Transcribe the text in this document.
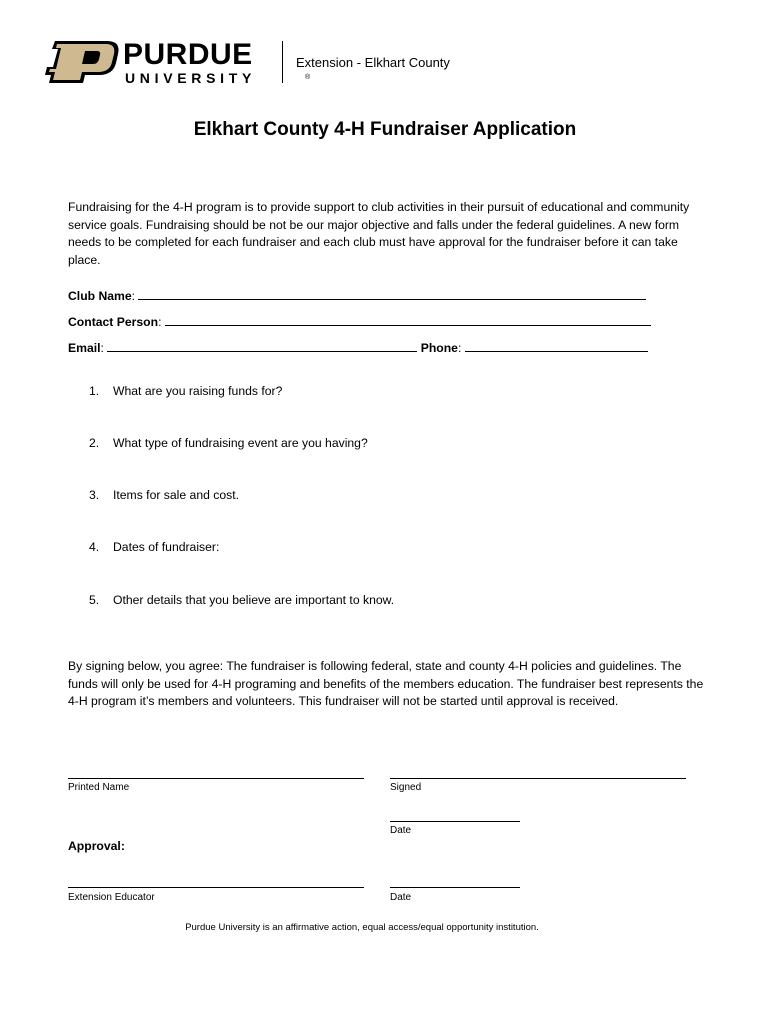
PURDUE
UNIVERSITY	®
Extension - Elkhart County
Elkhart County 4-H Fundraiser Application

Fundraising for the 4-H program is to provide support to club activities in their pursuit of educational and community service goals. Fundraising should be not be our major objective and falls under the federal guidelines. A new form needs to be completed for each fundraiser and each club must have approval for the fundraiser before it can take place.

Club Name:
Contact Person:
Email:	Phone:
1. What are you raising funds for?
2. What type of fundraising event are you having?
3. Items for sale and cost.
4. Dates of fundraiser:
5. Other details that you believe are important to know.

By signing below, you agree: The fundraiser is following federal, state and county 4-H policies and guidelines. The funds will only be used for 4-H programing and benefits of the members education. The fundraiser best represents the 4-H program it’s members and volunteers. This fundraiser will not be started until approval is received.

Printed Name	Signed
Date
Approval:
Extension Educator	Date
Purdue University is an affirmative action, equal access/equal opportunity institution.
